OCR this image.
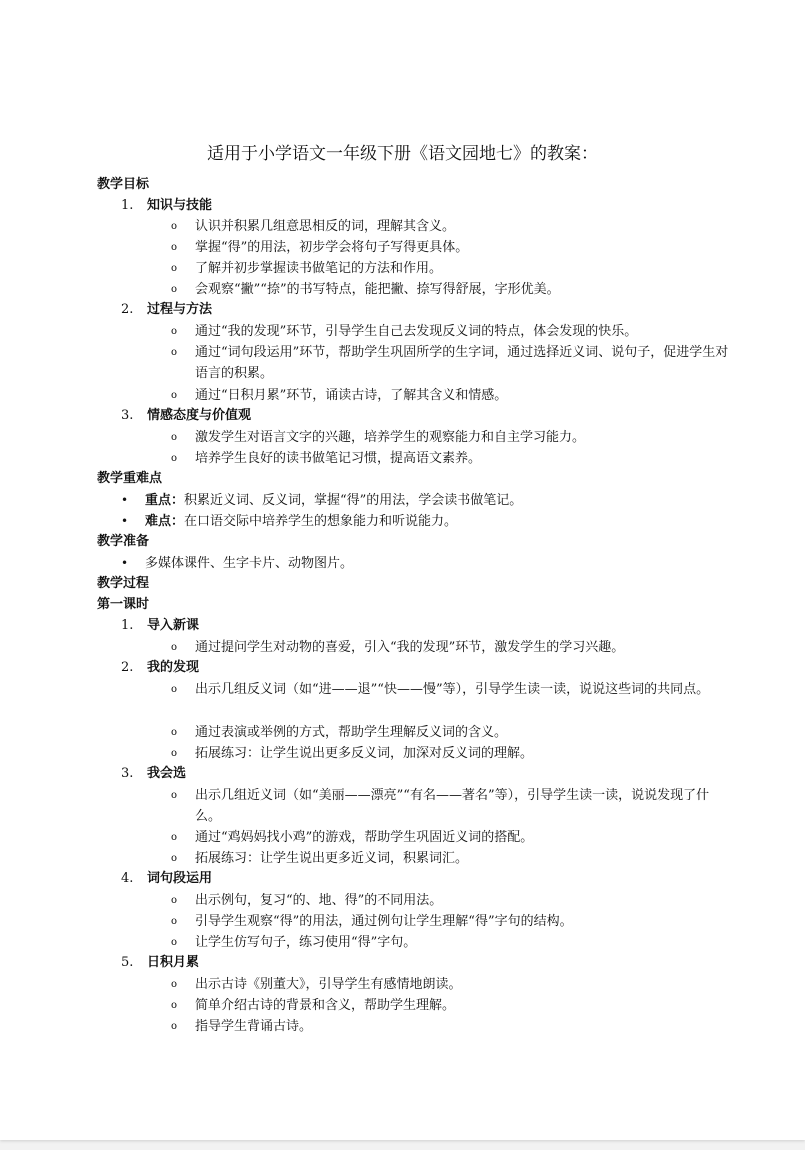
适用于小学语文一年级下册《语文园地七》的教案：
教学目标
1. 知识与技能
o 认识并积累几组意思相反的词，理解其含义。
o 掌握“得”的用法，初步学会将句子写得更具体。
o 了解并初步掌握读书做笔记的方法和作用。
o 会观察“撇”“捺”的书写特点，能把撇、捺写得舒展，字形优美。
2. 过程与方法
o 通过“我的发现”环节，引导学生自己去发现反义词的特点，体会发现的快乐。
o 通过“词句段运用”环节，帮助学生巩固所学的生字词，通过选择近义词、说句子，促进学生对语言的积累。
o 通过“日积月累”环节，诵读古诗，了解其含义和情感。
3. 情感态度与价值观
o 激发学生对语言文字的兴趣，培养学生的观察能力和自主学习能力。
o 培养学生良好的读书做笔记习惯，提高语文素养。
教学重难点
• 重点：积累近义词、反义词，掌握“得”的用法，学会读书做笔记。
• 难点：在口语交际中培养学生的想象能力和听说能力。
教学准备
• 多媒体课件、生字卡片、动物图片。
教学过程
第一课时
1. 导入新课
o 通过提问学生对动物的喜爱，引入“我的发现”环节，激发学生的学习兴趣。
2. 我的发现
o 出示几组反义词（如“进——退”“快——慢”等），引导学生读一读，说说这些词的共同点。
o 通过表演或举例的方式，帮助学生理解反义词的含义。
o 拓展练习：让学生说出更多反义词，加深对反义词的理解。
3. 我会选
o 出示几组近义词（如“美丽——漂亮”“有名——著名”等），引导学生读一读，说说发现了什么。
o 通过“鸡妈妈找小鸡”的游戏，帮助学生巩固近义词的搭配。
o 拓展练习：让学生说出更多近义词，积累词汇。
4. 词句段运用
o 出示例句，复习“的、地、得”的不同用法。
o 引导学生观察“得”的用法，通过例句让学生理解“得”字句的结构。
o 让学生仿写句子，练习使用“得”字句。
5. 日积月累
o 出示古诗《别董大》，引导学生有感情地朗读。
o 简单介绍古诗的背景和含义，帮助学生理解。
o 指导学生背诵古诗。
